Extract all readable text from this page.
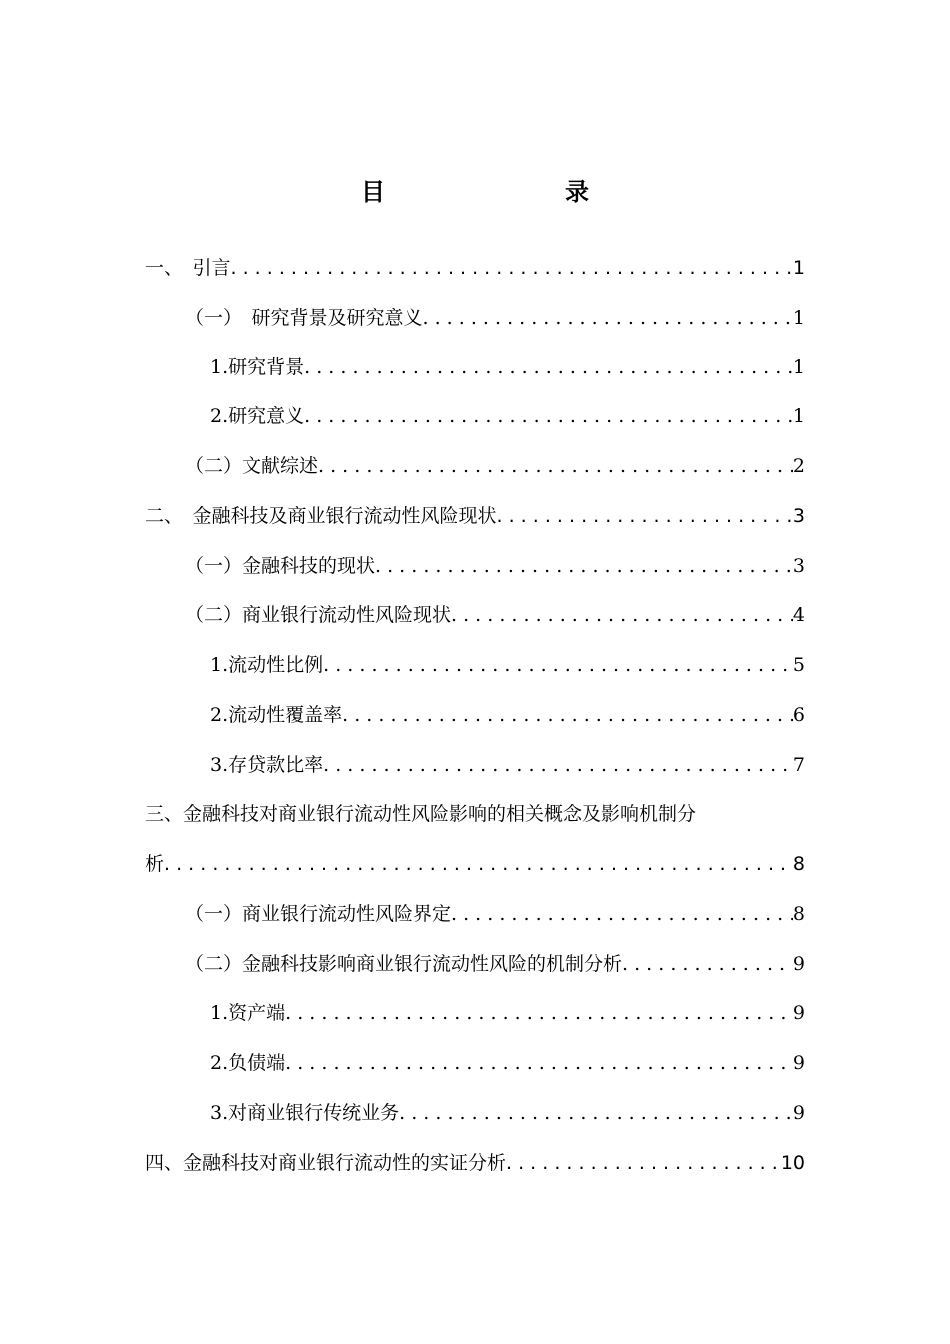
目　　录
一、　引言 . . .	1
（一）　研究背景及研究意义 . . .	1
1.研究背景 . . .	1
2.研究意义 . . .	1
（二）文献综述 . . .	2
二、　金融科技及商业银行流动性风险现状 . . .	3
（一）金融科技的现状 . . .	3
（二）商业银行流动性风险现状 . . .	4
1.流动性比例 . . .	5
2.流动性覆盖率 . . .	6
3.存贷款比率 . . .	7
三、金融科技对商业银行流动性风险影响的相关概念及影响机制分
析 . . .	8
（一）商业银行流动性风险界定 . . .	8
（二）金融科技影响商业银行流动性风险的机制分析 . . .	9
1.资产端 . . .	9
2.负债端 . . .	9
3.对商业银行传统业务 . . .	9
四、金融科技对商业银行流动性的实证分析 . . .	10
